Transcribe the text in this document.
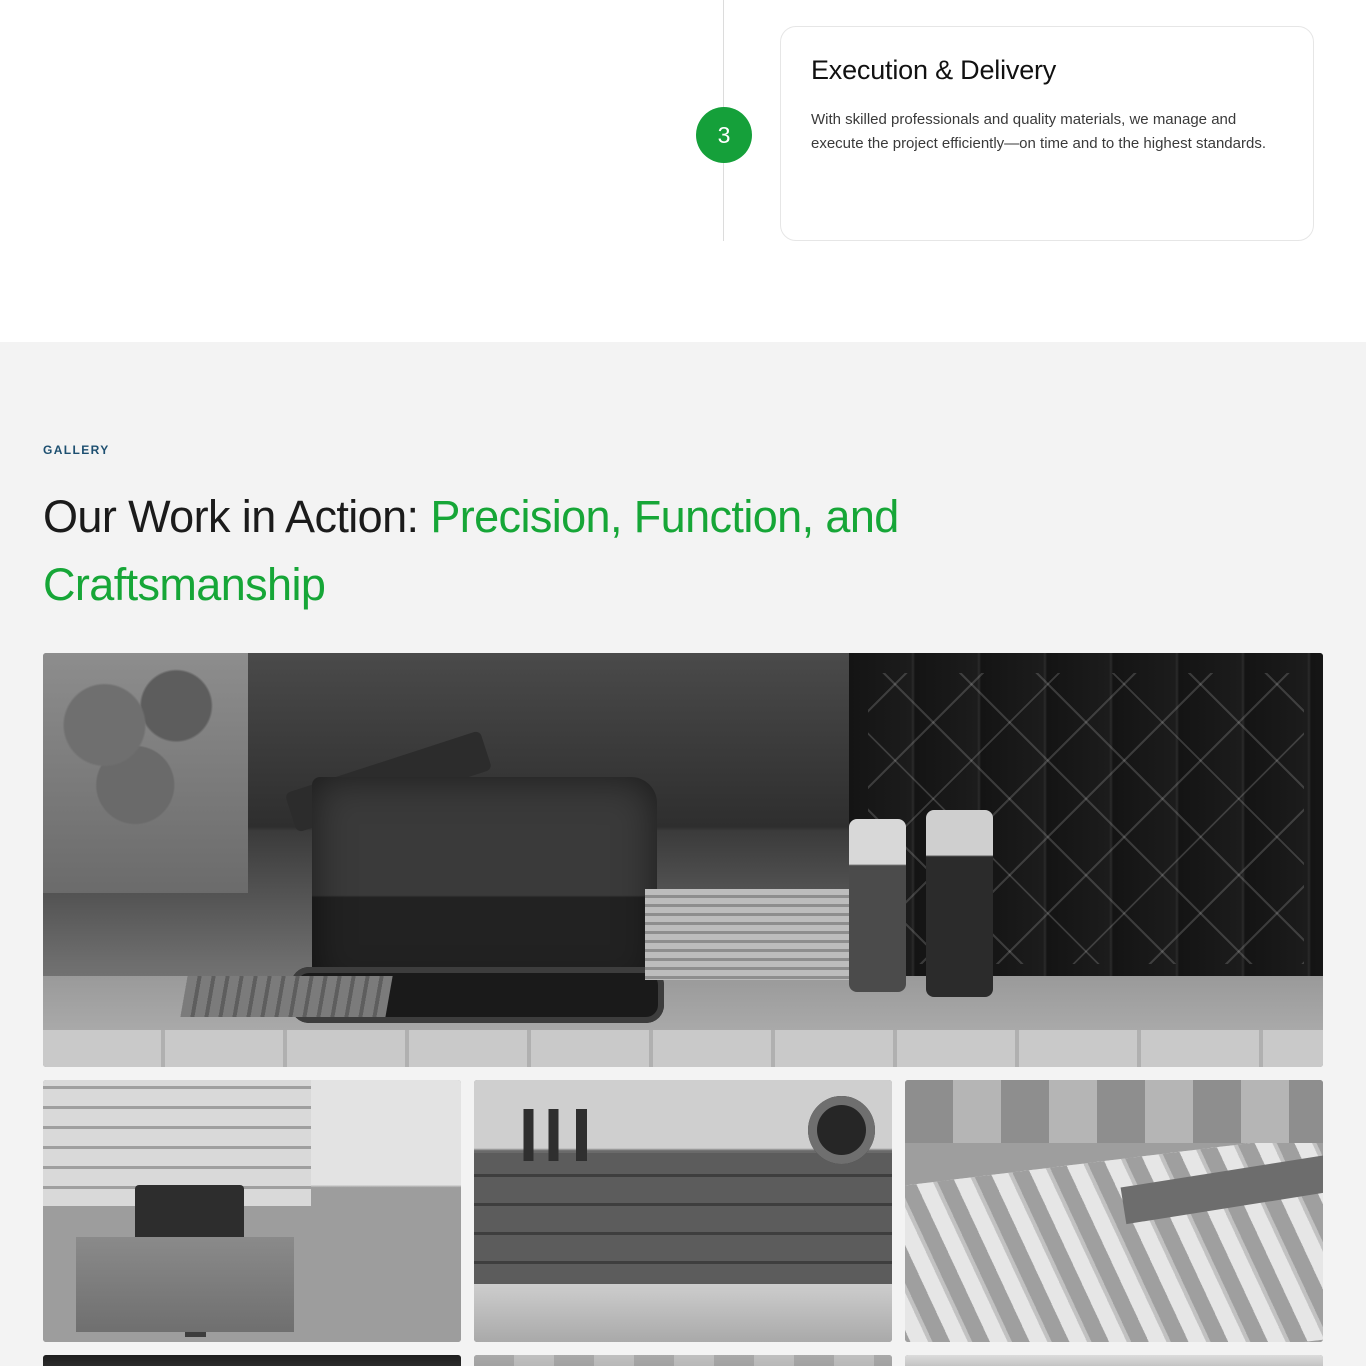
3
Execution & Delivery

With skilled professionals and quality materials, we manage and execute the project efficiently—on time and to the highest standards.

GALLERY
Our Work in Action: Precision, Function, and Craftsmanship
